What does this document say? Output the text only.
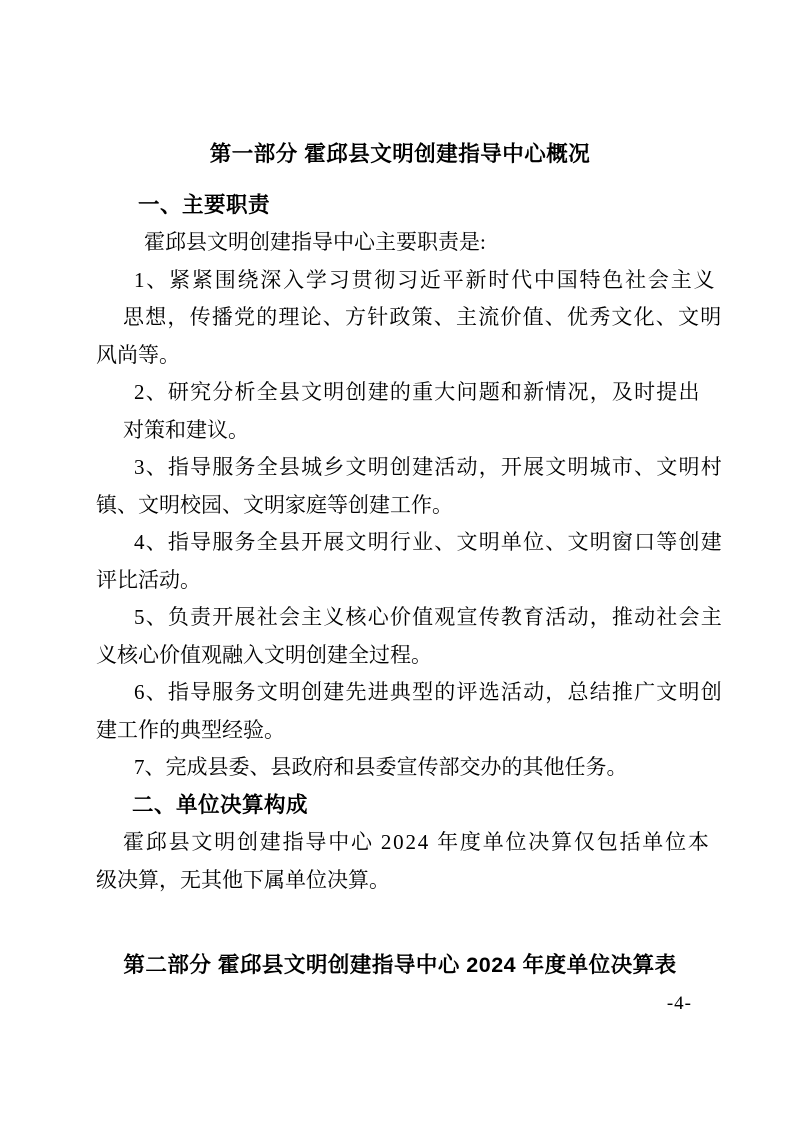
第一部分 霍邱县文明创建指导中心概况
一、主要职责
霍邱县文明创建指导中心主要职责是:
1、紧紧围绕深入学习贯彻习近平新时代中国特色社会主义
思想，传播党的理论、方针政策、主流价值、优秀文化、文明
风尚等。
2、研究分析全县文明创建的重大问题和新情况，及时提出
对策和建议。
3、指导服务全县城乡文明创建活动，开展文明城市、文明村
镇、文明校园、文明家庭等创建工作。
4、指导服务全县开展文明行业、文明单位、文明窗口等创建
评比活动。
5、负责开展社会主义核心价值观宣传教育活动，推动社会主
义核心价值观融入文明创建全过程。
6、指导服务文明创建先进典型的评选活动，总结推广文明创
建工作的典型经验。
7、完成县委、县政府和县委宣传部交办的其他任务。
二、单位决算构成
霍邱县文明创建指导中心 2024 年度单位决算仅包括单位本
级决算，无其他下属单位决算。
第二部分 霍邱县文明创建指导中心 2024 年度单位决算表
-4-
